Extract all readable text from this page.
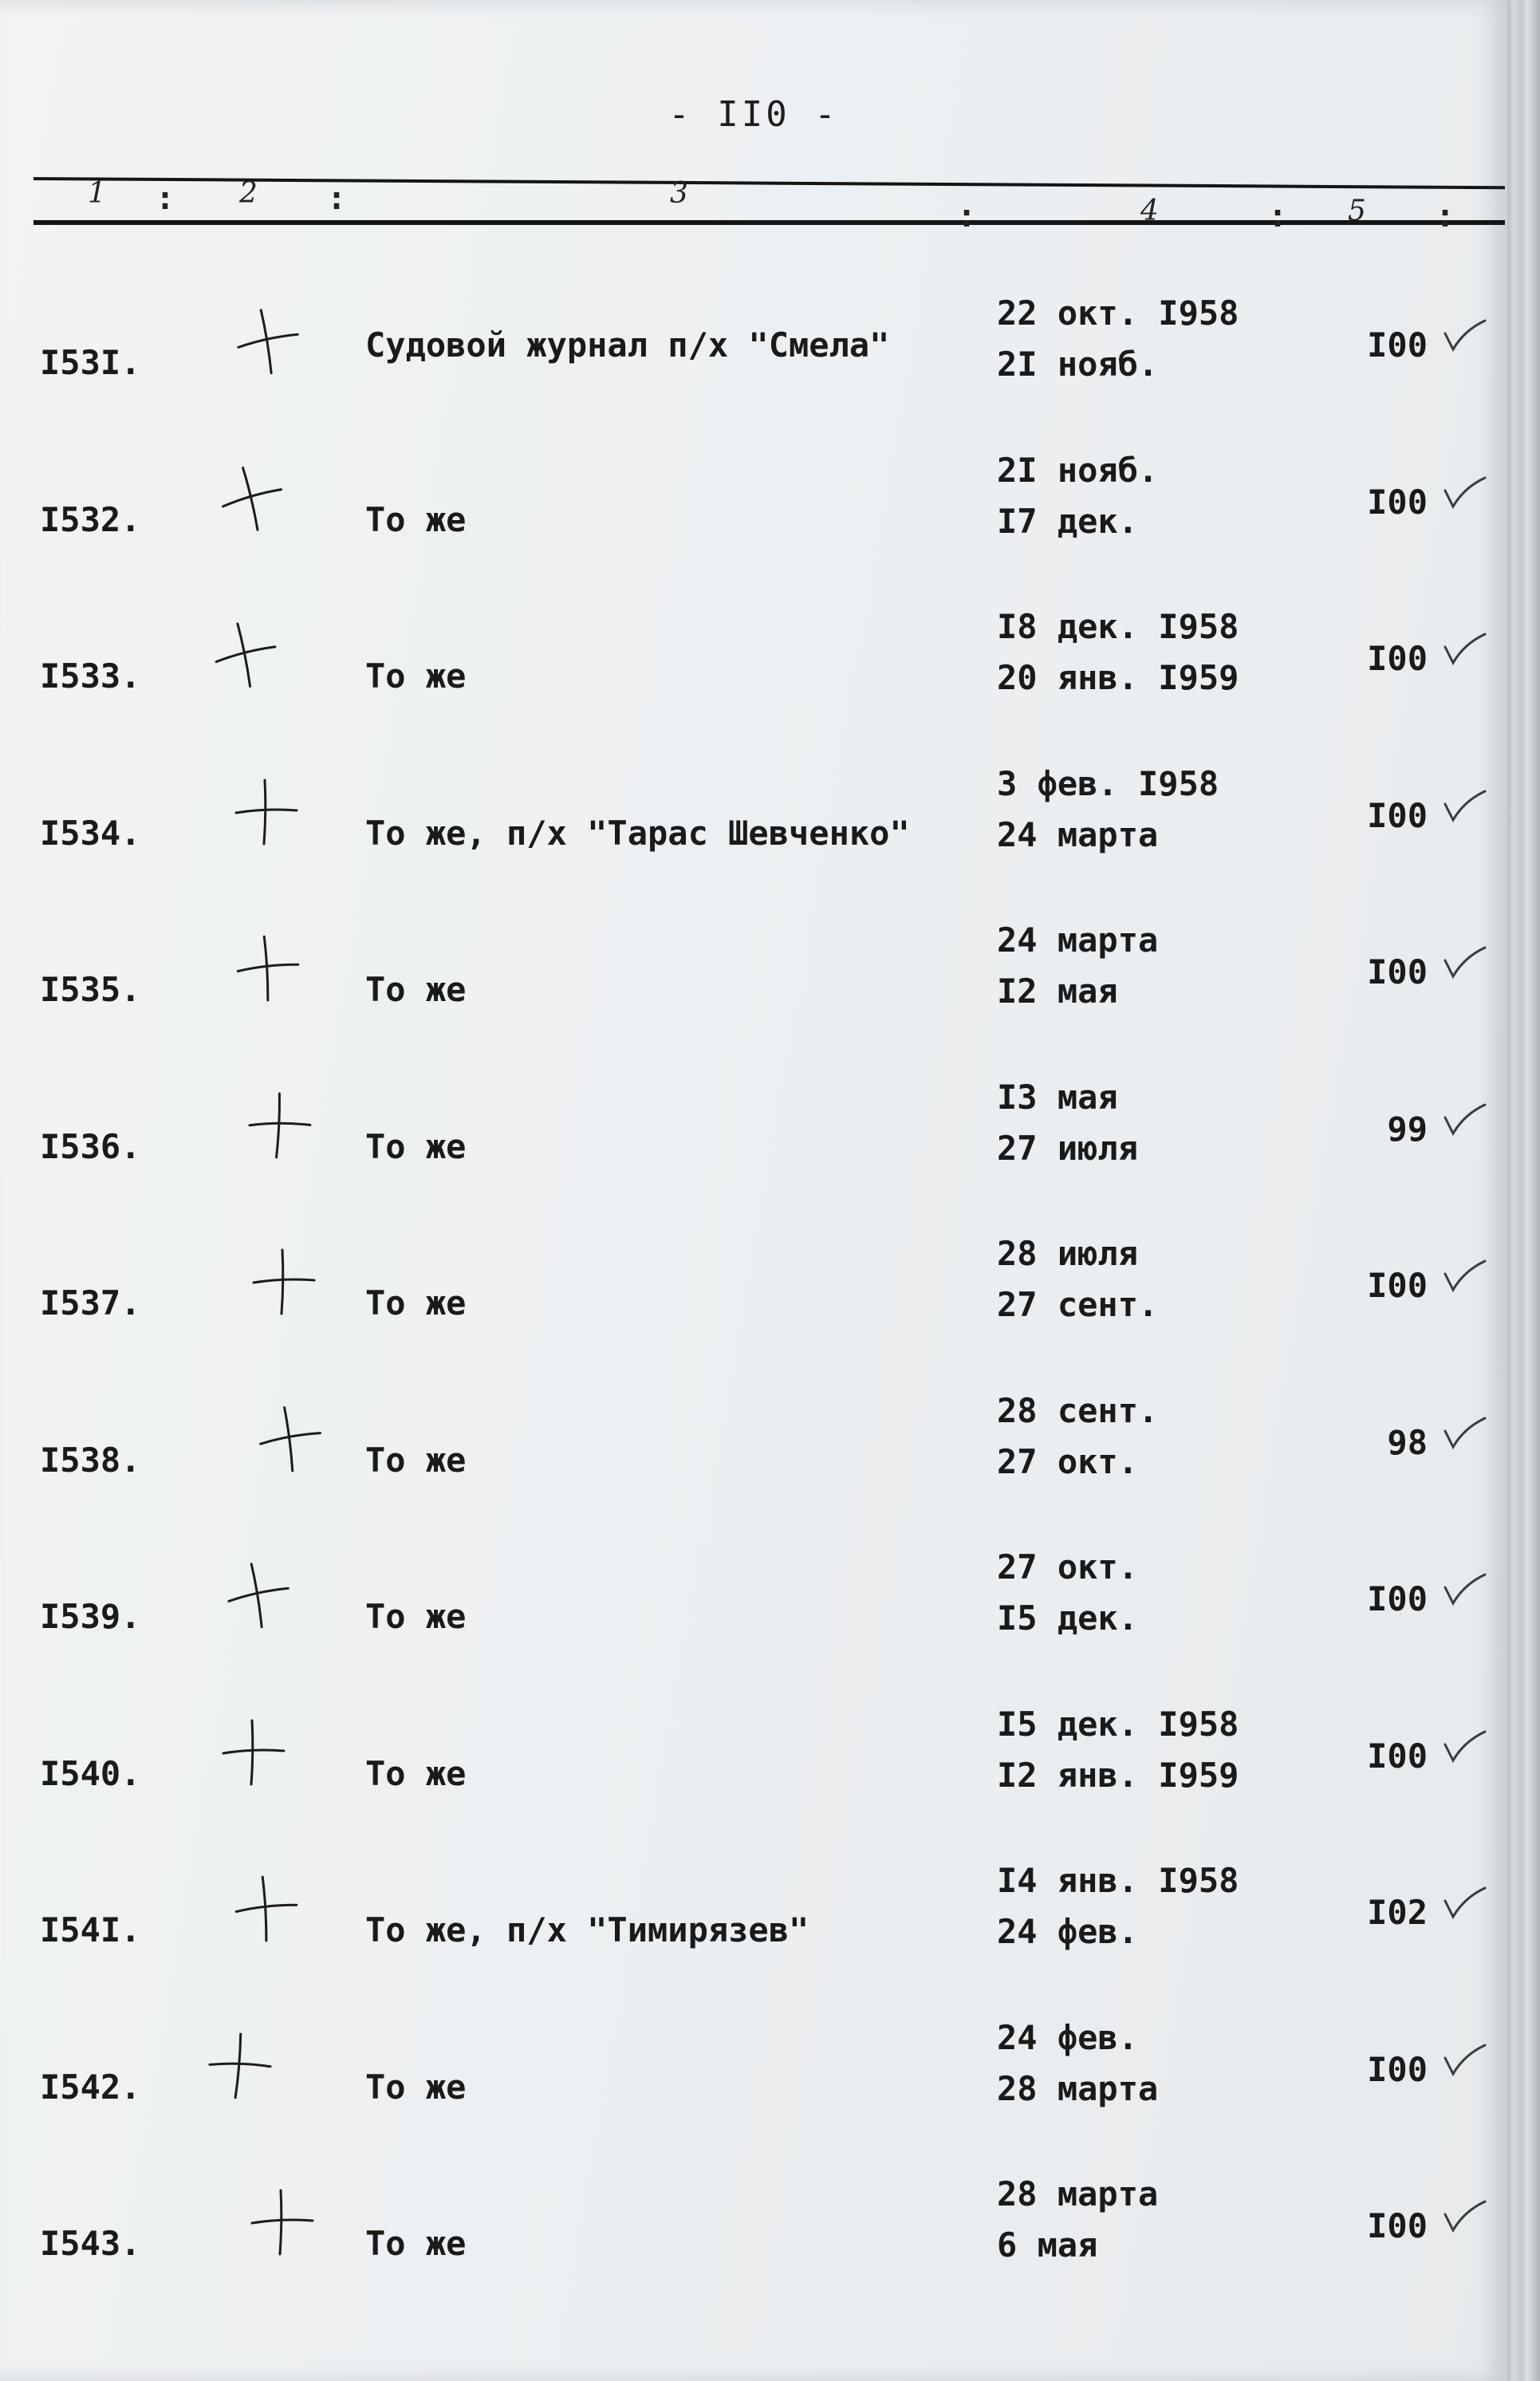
- II0 -
1 : 2 :	3
:	4	: 5 :
I53I.	Судовой журнал п/х "Смела"
22 окт. I958
2I нояб.	I00
I532.	То же
2I нояб.
I7 дек.	I00
I533.	То же
I8 дек. I958
20 янв. I959	I00
I534.	То же, п/х "Тарас Шевченко"
3 фев. I958
24 марта	I00
I535.	То же
24 марта
I2 мая	I00
I536.	То же
I3 мая
27 июля	99
I537.	То же
28 июля
27 сент.	I00
I538.	То же
28 сент.
27 окт.	98
I539.	То же
27 окт.
I5 дек.	I00
I540.	То же
I5 дек. I958
I2 янв. I959	I00
I54I.	То же, п/х "Тимирязев"
I4 янв. I958
24 фев.	I02
I542.	То же
24 фев.
28 марта	I00
I543.	То же
28 марта
6 мая	I00
